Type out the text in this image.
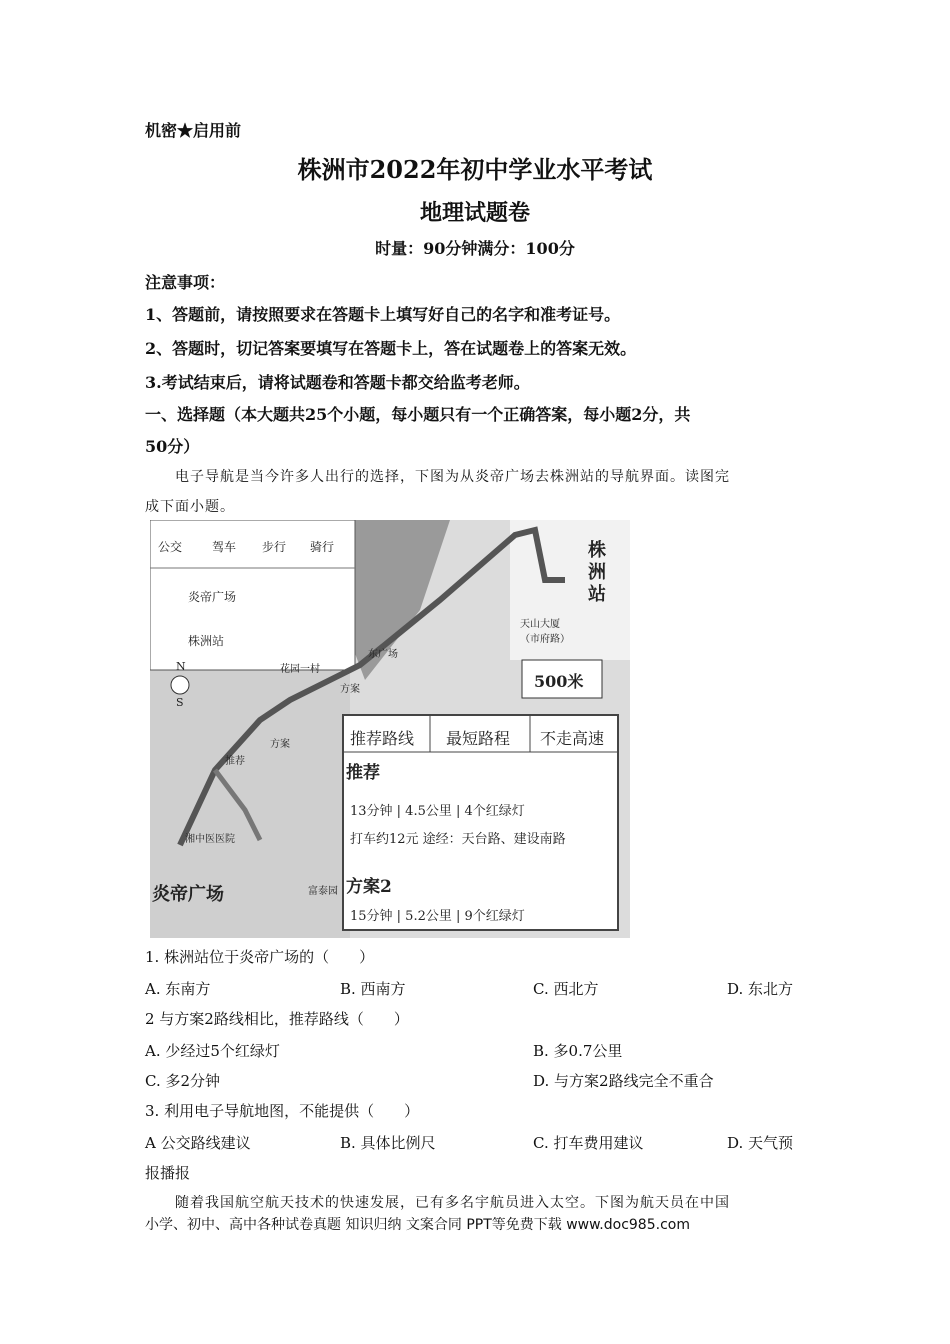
机密★启用前
株洲市2022年初中学业水平考试
地理试题卷
时量：90分钟满分：100分
注意事项：
1、答题前，请按照要求在答题卡上填写好自己的名字和准考证号。
2、答题时，切记答案要填写在答题卡上，答在试题卷上的答案无效。
3.考试结束后，请将试题卷和答题卡都交给监考老师。
一、选择题（本大题共25个小题，每小题只有一个正确答案，每小题2分，共
50分）
电子导航是当今许多人出行的选择，下图为从炎帝广场去株洲站的导航界面。读图完
成下面小题。
公交 驾车 步行 骑行
炎帝广场
株洲站
N
S
500米
株洲站
炎帝广场
花园一村
方案
方案
推荐
天山大厦（市府路）
东广场
富泰园
湘中医医院
推荐路线 最短路程 不走高速
推荐
13分钟 | 4.5公里 | 4个红绿灯
打车约12元 途经：天台路、建设南路
方案2
15分钟 | 5.2公里 | 9个红绿灯
1. 株洲站位于炎帝广场的（　　）
A. 东南方	B. 西南方	C. 西北方	D. 东北方
2 与方案2路线相比，推荐路线（　　）
A. 少经过5个红绿灯	B. 多0.7公里
C. 多2分钟	D. 与方案2路线完全不重合
3. 利用电子导航地图，不能提供（　　）
A 公交路线建议	B. 具体比例尺	C. 打车费用建议	D. 天气预
报播报
随着我国航空航天技术的快速发展，已有多名宇航员进入太空。下图为航天员在中国
小学、初中、高中各种试卷真题 知识归纳 文案合同 PPT等免费下载 www.doc985.com
